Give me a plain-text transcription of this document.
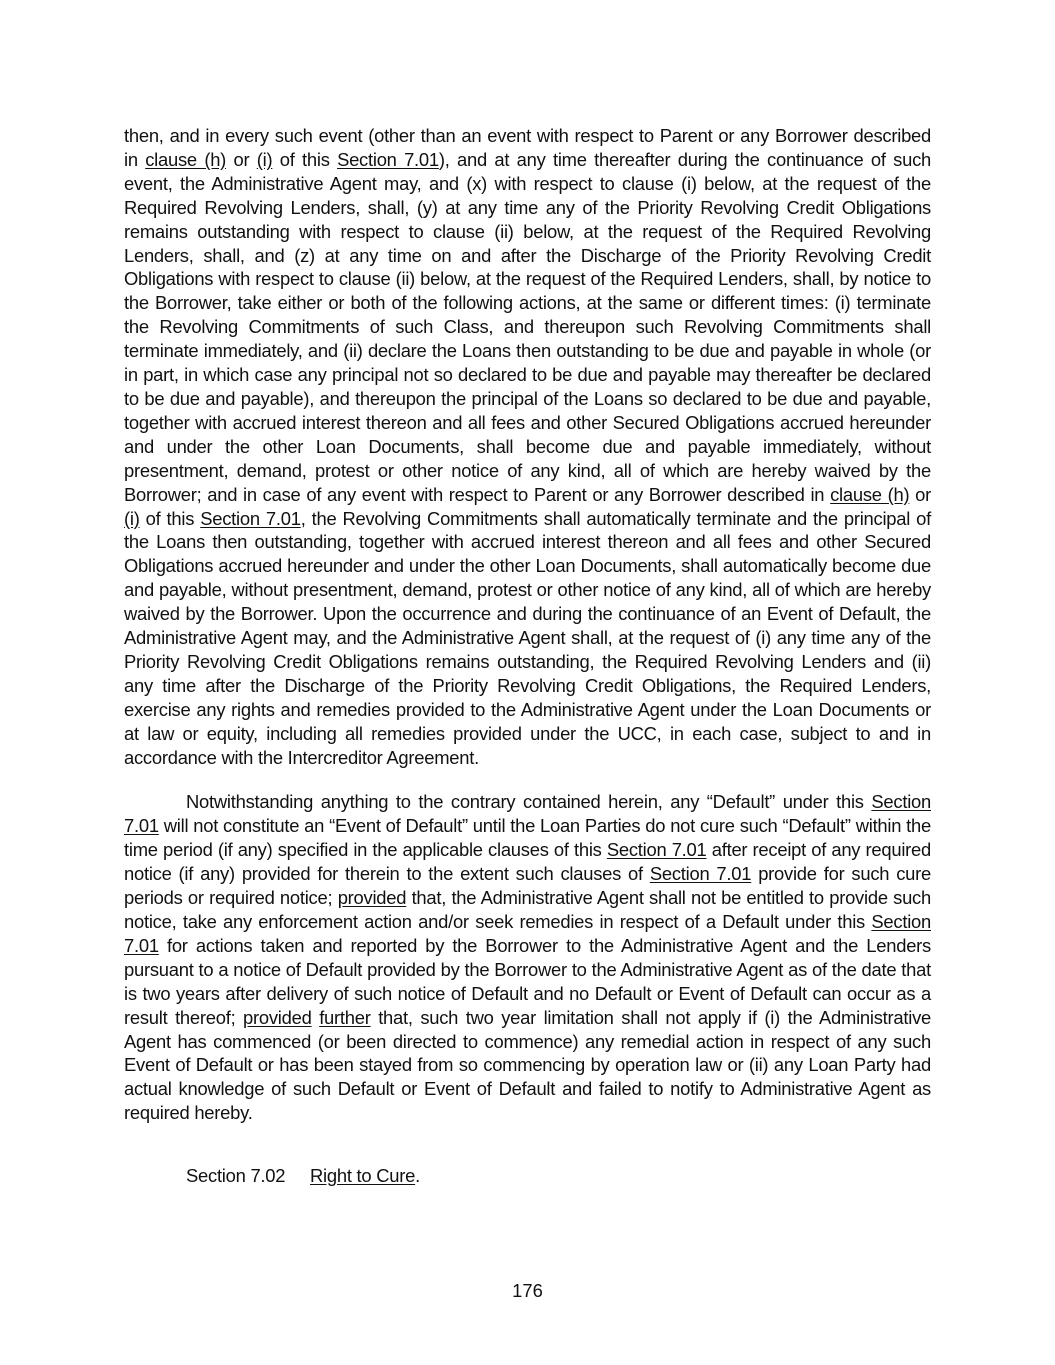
then, and in every such event (other than an event with respect to Parent or any Borrower described in clause (h) or (i) of this Section 7.01), and at any time thereafter during the continuance of such event, the Administrative Agent may, and (x) with respect to clause (i) below, at the request of the Required Revolving Lenders, shall, (y) at any time any of the Priority Revolving Credit Obligations remains outstanding with respect to clause (ii) below, at the request of the Required Revolving Lenders, shall, and (z) at any time on and after the Discharge of the Priority Revolving Credit Obligations with respect to clause (ii) below, at the request of the Required Lenders, shall, by notice to the Borrower, take either or both of the following actions, at the same or different times: (i) terminate the Revolving Commitments of such Class, and thereupon such Revolving Commitments shall terminate immediately, and (ii) declare the Loans then outstanding to be due and payable in whole (or in part, in which case any principal not so declared to be due and payable may thereafter be declared to be due and payable), and thereupon the principal of the Loans so declared to be due and payable, together with accrued interest thereon and all fees and other Secured Obligations accrued hereunder and under the other Loan Documents, shall become due and payable immediately, without presentment, demand, protest or other notice of any kind, all of which are hereby waived by the Borrower; and in case of any event with respect to Parent or any Borrower described in clause (h) or (i) of this Section 7.01, the Revolving Commitments shall automatically terminate and the principal of the Loans then outstanding, together with accrued interest thereon and all fees and other Secured Obligations accrued hereunder and under the other Loan Documents, shall automatically become due and payable, without presentment, demand, protest or other notice of any kind, all of which are hereby waived by the Borrower. Upon the occurrence and during the continuance of an Event of Default, the Administrative Agent may, and the Administrative Agent shall, at the request of (i) any time any of the Priority Revolving Credit Obligations remains outstanding, the Required Revolving Lenders and (ii) any time after the Discharge of the Priority Revolving Credit Obligations, the Required Lenders, exercise any rights and remedies provided to the Administrative Agent under the Loan Documents or at law or equity, including all remedies provided under the UCC, in each case, subject to and in accordance with the Intercreditor Agreement.

Notwithstanding anything to the contrary contained herein, any “Default” under this Section 7.01 will not constitute an “Event of Default” until the Loan Parties do not cure such “Default” within the time period (if any) specified in the applicable clauses of this Section 7.01 after receipt of any required notice (if any) provided for therein to the extent such clauses of Section 7.01 provide for such cure periods or required notice; provided that, the Administrative Agent shall not be entitled to provide such notice, take any enforcement action and/or seek remedies in respect of a Default under this Section 7.01 for actions taken and reported by the Borrower to the Administrative Agent and the Lenders pursuant to a notice of Default provided by the Borrower to the Administrative Agent as of the date that is two years after delivery of such notice of Default and no Default or Event of Default can occur as a result thereof; provided further that, such two year limitation shall not apply if (i) the Administrative Agent has commenced (or been directed to commence) any remedial action in respect of any such Event of Default or has been stayed from so commencing by operation law or (ii) any Loan Party had actual knowledge of such Default or Event of Default and failed to notify to Administrative Agent as required hereby.

Section 7.02 Right to Cure.
176
